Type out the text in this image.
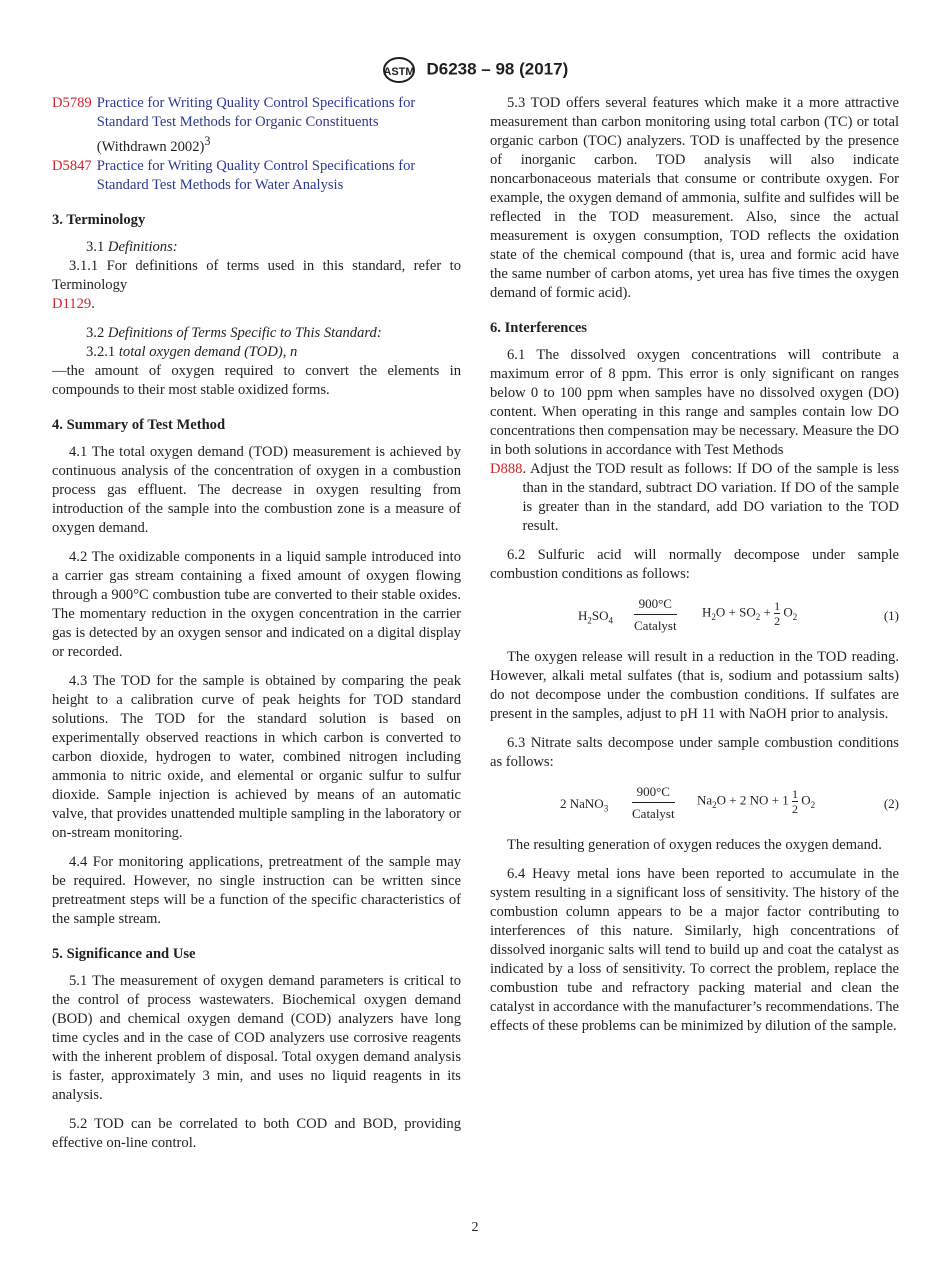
ASTM D6238 – 98 (2017)
D5789 Practice for Writing Quality Control Specifications for Standard Test Methods for Organic Constituents
(Withdrawn 2002)$^3$
D5847 Practice for Writing Quality Control Specifications for Standard Test Methods for Water Analysis
3. Terminology
3.1 Definitions:
3.1.1 For definitions of terms used in this standard, refer to Terminology
D1129 .
3.2 Definitions of Terms Specific to This Standard:
3.2.1 total oxygen demand (TOD), n
—the amount of oxygen required to convert the elements in compounds to their most stable oxidized forms.
4. Summary of Test Method

4.1 The total oxygen demand (TOD) measurement is achieved by continuous analysis of the concentration of oxygen in a combustion process gas effluent. The decrease in oxygen resulting from introduction of the sample into the combustion zone is a measure of oxygen demand.

4.2 The oxidizable components in a liquid sample introduced into a carrier gas stream containing a fixed amount of oxygen flowing through a 900°C combustion tube are converted to their stable oxides. The momentary reduction in the oxygen concentration in the carrier gas is detected by an oxygen sensor and indicated on a digital display or recorded.

4.3 The TOD for the sample is obtained by comparing the peak height to a calibration curve of peak heights for TOD standard solutions. The TOD for the standard solution is based on experimentally observed reactions in which carbon is converted to carbon dioxide, hydrogen to water, combined nitrogen including ammonia to nitric oxide, and elemental or organic sulfur to sulfur dioxide. Sample injection is achieved by means of an automatic valve, that provides unattended multiple sampling in the laboratory or on-stream monitoring.

4.4 For monitoring applications, pretreatment of the sample may be required. However, no single instruction can be written since pretreatment steps will be a function of the specific characteristics of the sample stream.

5. Significance and Use

5.1 The measurement of oxygen demand parameters is critical to the control of process wastewaters. Biochemical oxygen demand (BOD) and chemical oxygen demand (COD) analyzers have long time cycles and in the case of COD analyzers use corrosive reagents with the inherent problem of disposal. Total oxygen demand analysis is faster, approximately 3 min, and uses no liquid reagents in its analysis.

5.2 TOD can be correlated to both COD and BOD, providing effective on-line control.

5.3 TOD offers several features which make it a more attractive measurement than carbon monitoring using total carbon (TC) or total organic carbon (TOC) analyzers. TOD is unaffected by the presence of inorganic carbon. TOD analysis will also indicate noncarbonaceous materials that consume or contribute oxygen. For example, the oxygen demand of ammonia, sulfite and sulfides will be reflected in the TOD measurement. Also, since the actual measurement is oxygen consumption, TOD reflects the oxidation state of the chemical compound (that is, urea and formic acid have the same number of carbon atoms, yet urea has five times the oxygen demand of formic acid).

6. Interferences
6.1 The dissolved oxygen concentrations will contribute a maximum error of 8 ppm. This error is only significant on ranges below 0 to 100 ppm when samples have no dissolved oxygen (DO) content. When operating in this range and samples contain low DO concentrations then compensation may be necessary. Measure the DO in both solutions in accordance with Test Methods
D888 . Adjust the TOD result as follows: If DO of the sample is less than in the standard, subtract DO variation. If DO of the sample is greater than in the standard, add DO variation to the TOD result.

6.2 Sulfuric acid will normally decompose under sample combustion conditions as follows:

$H_2SO_4$
900°C
Catalyst
$H_2O + SO_2 + \frac{1}{2} O_2$	(1)

The oxygen release will result in a reduction in the TOD reading. However, alkali metal sulfates (that is, sodium and potassium salts) do not decompose under the combustion conditions. If sulfates are present in the samples, adjust to pH 11 with NaOH prior to analysis.

6.3 Nitrate salts decompose under sample combustion conditions as follows:

2 NaNO$_3$
900°C
Catalyst
$Na_2O + 2$ NO + $1 \frac{1}{2} O_2$	(2)

The resulting generation of oxygen reduces the oxygen demand.

6.4 Heavy metal ions have been reported to accumulate in the system resulting in a significant loss of sensitivity. The history of the combustion column appears to be a major factor contributing to interferences of this nature. Similarly, high concentrations of dissolved inorganic salts will tend to build up and coat the catalyst as indicated by a loss of sensitivity. To correct the problem, replace the combustion tube and refractory packing material and clean the catalyst in accordance with the manufacturer’s recommendations. The effects of these problems can be minimized by dilution of the sample.

2
